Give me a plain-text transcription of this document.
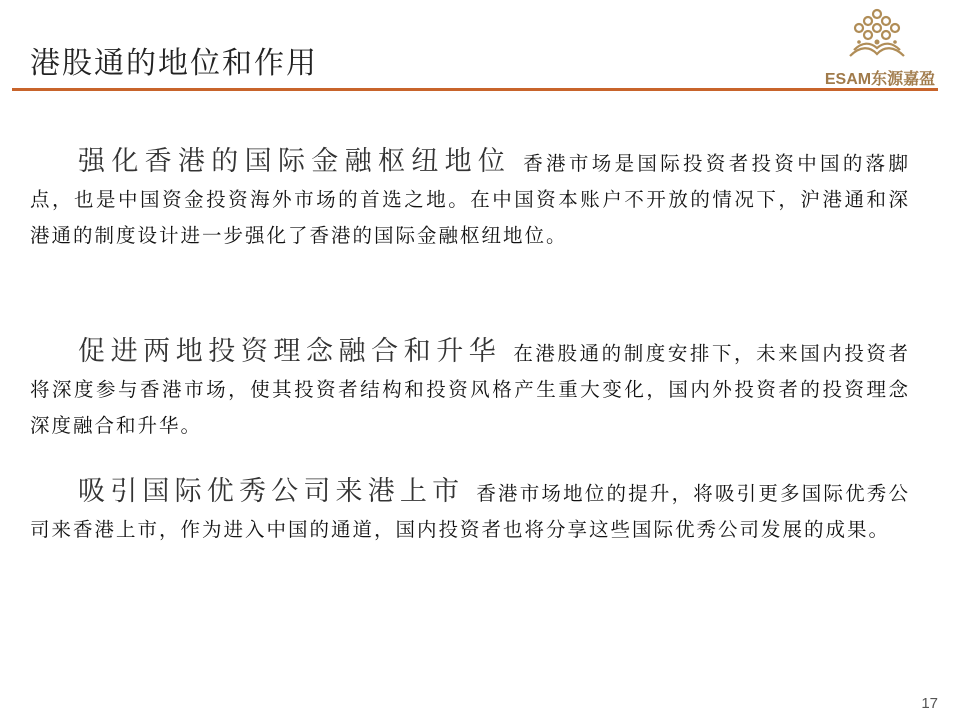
港股通的地位和作用	ESAM东源嘉盈
强化香港的国际金融枢纽地位 香港市场是国际投资者投资中国的落脚点，也是中国资金投资海外市场的首选之地。在中国资本账户不开放的情况下，沪港通和深港通的制度设计进一步强化了香港的国际金融枢纽地位。
促进两地投资理念融合和升华 在港股通的制度安排下，未来国内投资者将深度参与香港市场，使其投资者结构和投资风格产生重大变化，国内外投资者的投资理念深度融合和升华。
吸引国际优秀公司来港上市 香港市场地位的提升，将吸引更多国际优秀公司来香港上市，作为进入中国的通道，国内投资者也将分享这些国际优秀公司发展的成果。
17
